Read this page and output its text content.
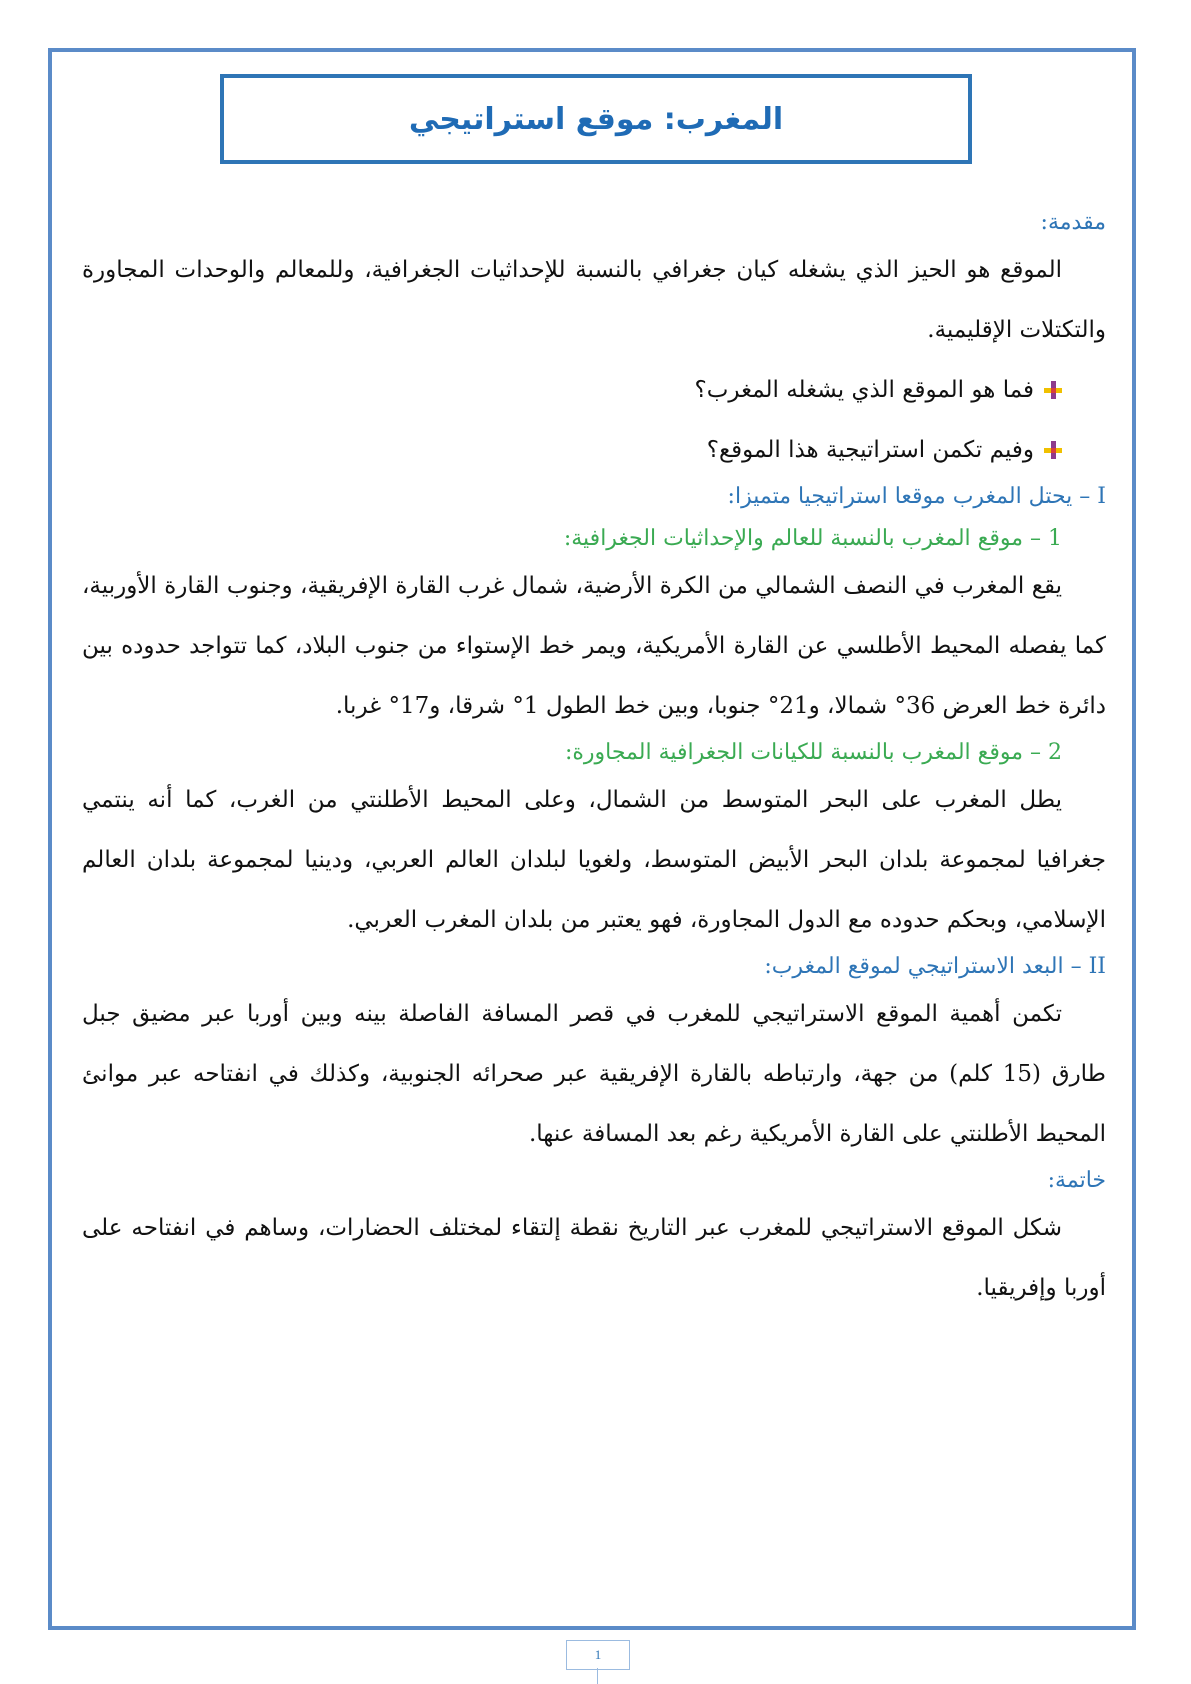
المغرب: موقع استراتيجي

مقدمة:

الموقع هو الحيز الذي يشغله كيان جغرافي بالنسبة للإحداثيات الجغرافية، وللمعالم والوحدات المجاورة والتكتلات الإقليمية.

فما هو الموقع الذي يشغله المغرب؟
وفيم تكمن استراتيجية هذا الموقع؟

I – يحتل المغرب موقعا استراتيجيا متميزا:

1 – موقع المغرب بالنسبة للعالم والإحداثيات الجغرافية:

يقع المغرب في النصف الشمالي من الكرة الأرضية، شمال غرب القارة الإفريقية، وجنوب القارة الأوربية، كما يفصله المحيط الأطلسي عن القارة الأمريكية، ويمر خط الإستواء من جنوب البلاد، كما تتواجد حدوده بين دائرة خط العرض 36° شمالا، و21° جنوبا، وبين خط الطول 1° شرقا، و17° غربا.

2 – موقع المغرب بالنسبة للكيانات الجغرافية المجاورة:

يطل المغرب على البحر المتوسط من الشمال، وعلى المحيط الأطلنتي من الغرب، كما أنه ينتمي جغرافيا لمجموعة بلدان البحر الأبيض المتوسط، ولغويا لبلدان العالم العربي، ودينيا لمجموعة بلدان العالم الإسلامي، وبحكم حدوده مع الدول المجاورة، فهو يعتبر من بلدان المغرب العربي.

II – البعد الاستراتيجي لموقع المغرب:

تكمن أهمية الموقع الاستراتيجي للمغرب في قصر المسافة الفاصلة بينه وبين أوربا عبر مضيق جبل طارق (15 كلم) من جهة، وارتباطه بالقارة الإفريقية عبر صحرائه الجنوبية، وكذلك في انفتاحه عبر موانئ المحيط الأطلنتي على القارة الأمريكية رغم بعد المسافة عنها.

خاتمة:

شكل الموقع الاستراتيجي للمغرب عبر التاريخ نقطة إلتقاء لمختلف الحضارات، وساهم في انفتاحه على أوربا وإفريقيا.

1
